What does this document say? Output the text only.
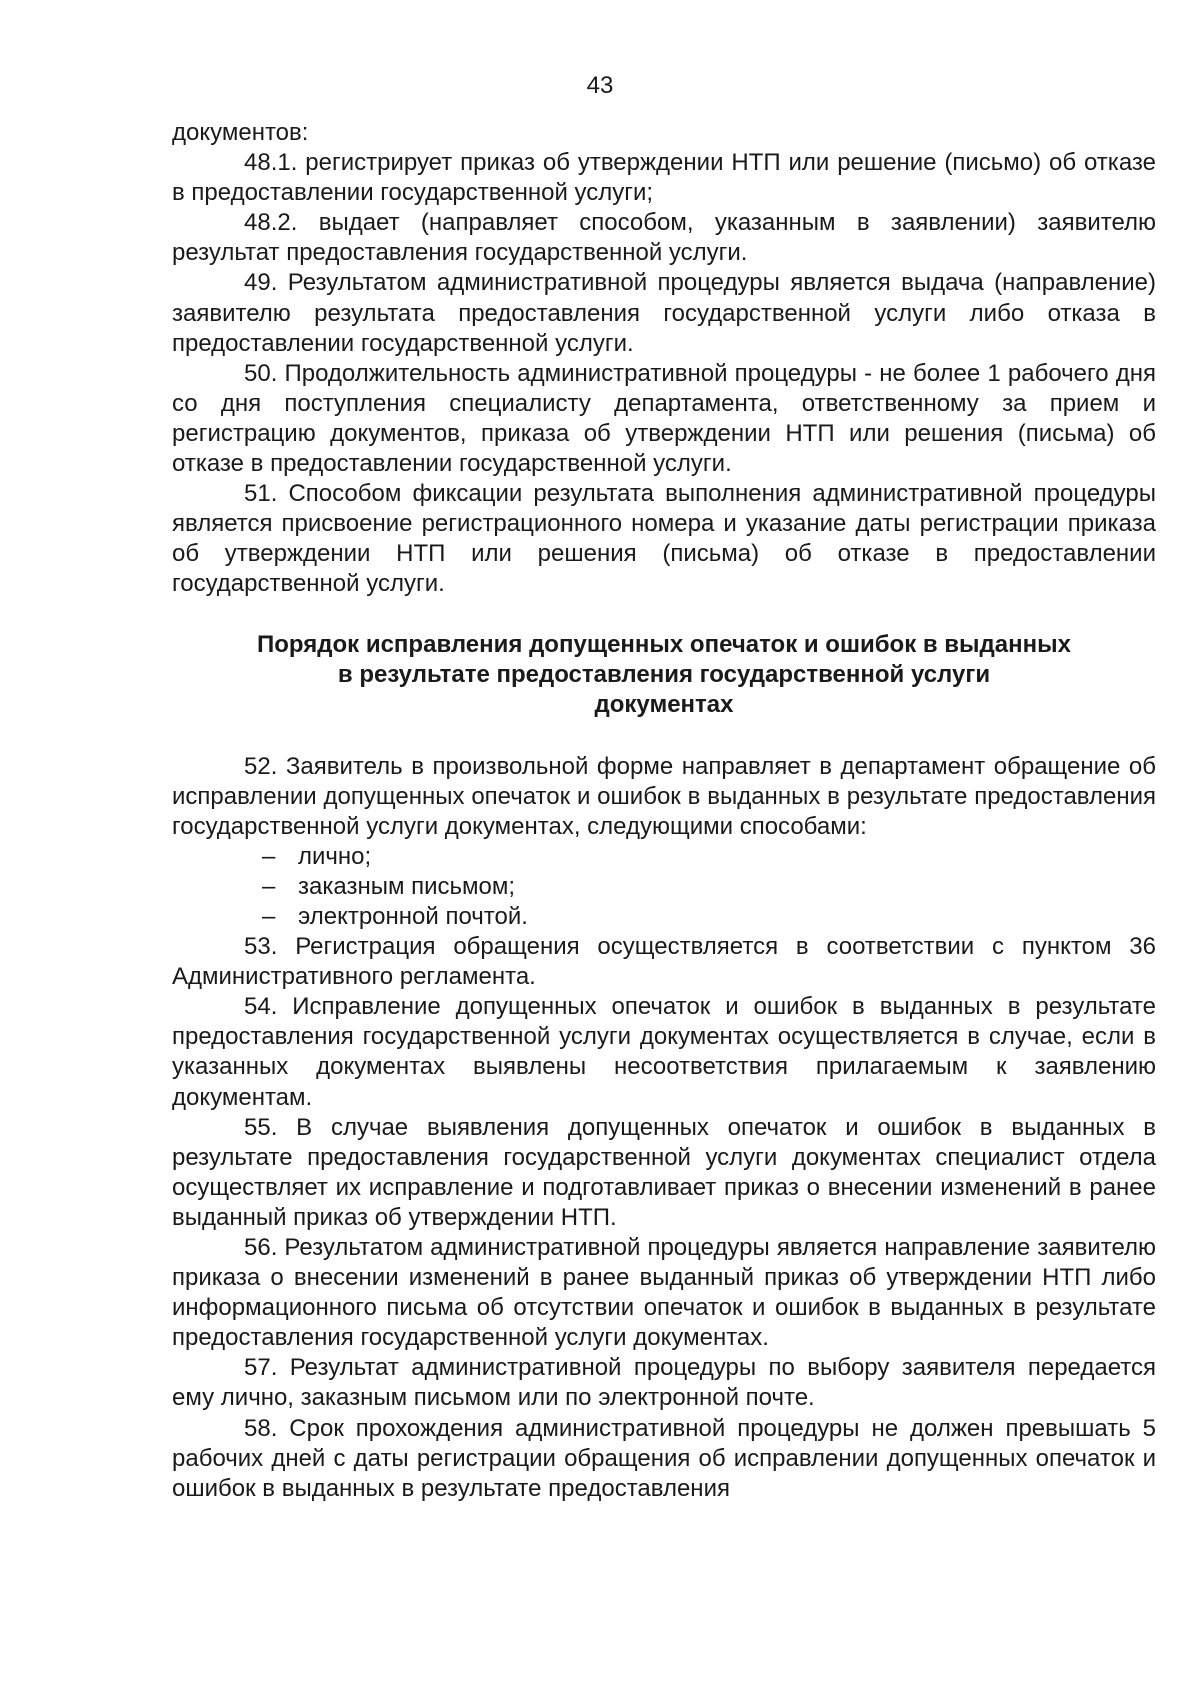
43

документов:

48.1. регистрирует приказ об утверждении НТП или решение (письмо) об отказе в предоставлении государственной услуги;

48.2. выдает (направляет способом, указанным в заявлении) заявителю результат предоставления государственной услуги.

49. Результатом административной процедуры является выдача (направление) заявителю результата предоставления государственной услуги либо отказа в предоставлении государственной услуги.

50. Продолжительность административной процедуры - не более 1 рабочего дня со дня поступления специалисту департамента, ответственному за прием и регистрацию документов, приказа об утверждении НТП или решения (письма) об отказе в предоставлении государственной услуги.

51. Способом фиксации результата выполнения административной процедуры является присвоение регистрационного номера и указание даты регистрации приказа об утверждении НТП или решения (письма) об отказе в предоставлении государственной услуги.

Порядок исправления допущенных опечаток и ошибок в выданных
в результате предоставления государственной услуги
документах

52. Заявитель в произвольной форме направляет в департамент обращение об исправлении допущенных опечаток и ошибок в выданных в результате предоставления государственной услуги документах, следующими способами:

– лично;
– заказным письмом;
– электронной почтой.

53. Регистрация обращения осуществляется в соответствии с пунктом 36 Административного регламента.

54. Исправление допущенных опечаток и ошибок в выданных в результате предоставления государственной услуги документах осуществляется в случае, если в указанных документах выявлены несоответствия прилагаемым к заявлению документам.

55. В случае выявления допущенных опечаток и ошибок в выданных в результате предоставления государственной услуги документах специалист отдела осуществляет их исправление и подготавливает приказ о внесении изменений в ранее выданный приказ об утверждении НТП.

56. Результатом административной процедуры является направление заявителю приказа о внесении изменений в ранее выданный приказ об утверждении НТП либо информационного письма об отсутствии опечаток и ошибок в выданных в результате предоставления государственной услуги документах.

57. Результат административной процедуры по выбору заявителя передается ему лично, заказным письмом или по электронной почте.

58. Срок прохождения административной процедуры не должен превышать 5 рабочих дней с даты регистрации обращения об исправлении допущенных опечаток и ошибок в выданных в результате предоставления
